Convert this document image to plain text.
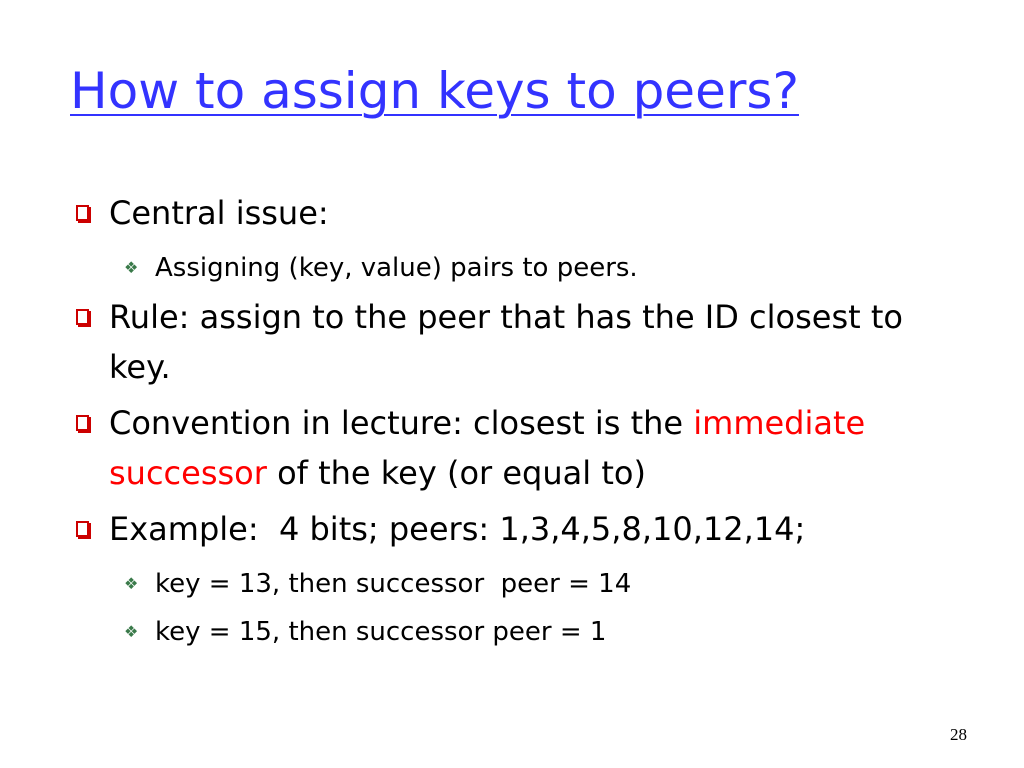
How to assign keys to peers?
Central issue:
❖ Assigning (key, value) pairs to peers.
Rule: assign to the peer that has the ID closest to key.
Convention in lecture: closest is the immediate successor of the key (or equal to)
Example:  4 bits; peers: 1,3,4,5,8,10,12,14;
❖ key = 13, then successor  peer = 14
❖ key = 15, then successor peer = 1
28
